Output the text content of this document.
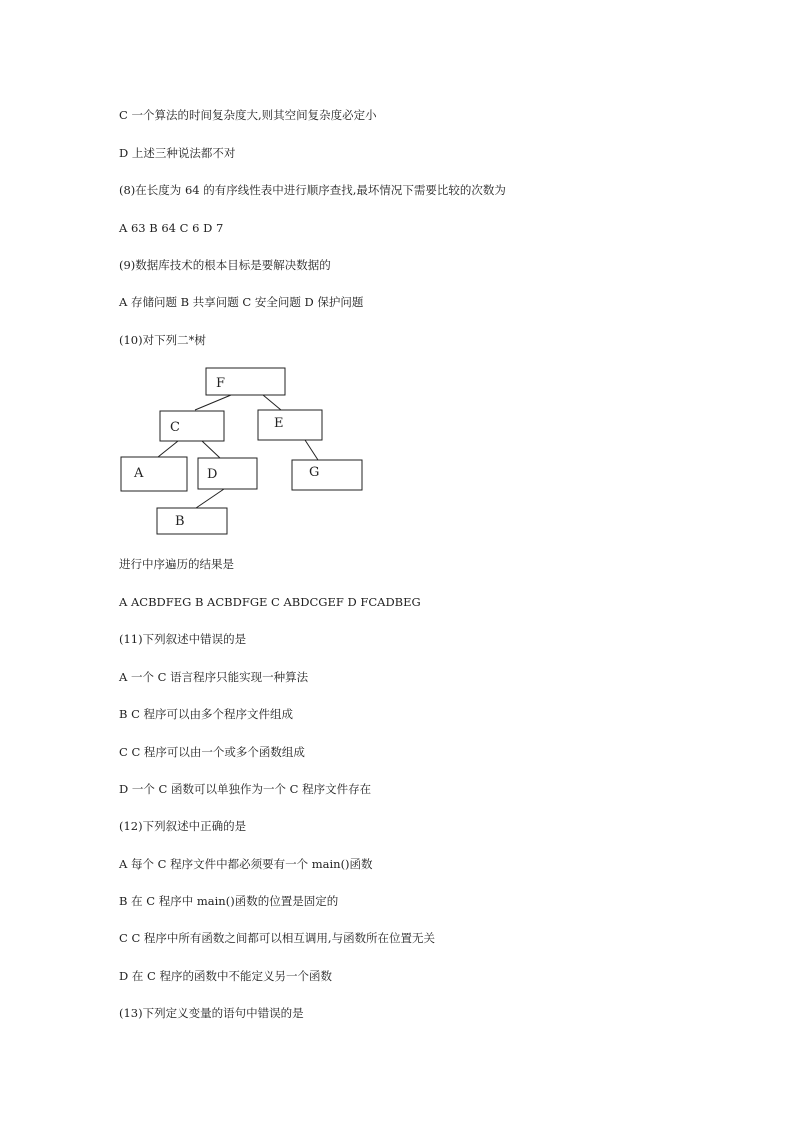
C 一个算法的时间复杂度大,则其空间复杂度必定小
D 上述三种说法都不对
(8)在长度为 64 的有序线性表中进行顺序查找,最坏情况下需要比较的次数为
A 63 B 64 C 6 D 7
(9)数据库技术的根本目标是要解决数据的
A 存储问题 B 共享问题 C 安全问题 D 保护问题
(10)对下列二*树
F
C	E
A	D	G
B
进行中序遍历的结果是
A ACBDFEG B ACBDFGE C ABDCGEF D FCADBEG
(11)下列叙述中错误的是
A 一个 C 语言程序只能实现一种算法
B C 程序可以由多个程序文件组成
C C 程序可以由一个或多个函数组成
D 一个 C 函数可以单独作为一个 C 程序文件存在
(12)下列叙述中正确的是
A 每个 C 程序文件中都必须要有一个 main()函数
B 在 C 程序中 main()函数的位置是固定的
C C 程序中所有函数之间都可以相互调用,与函数所在位置无关
D 在 C 程序的函数中不能定义另一个函数
(13)下列定义变量的语句中错误的是
